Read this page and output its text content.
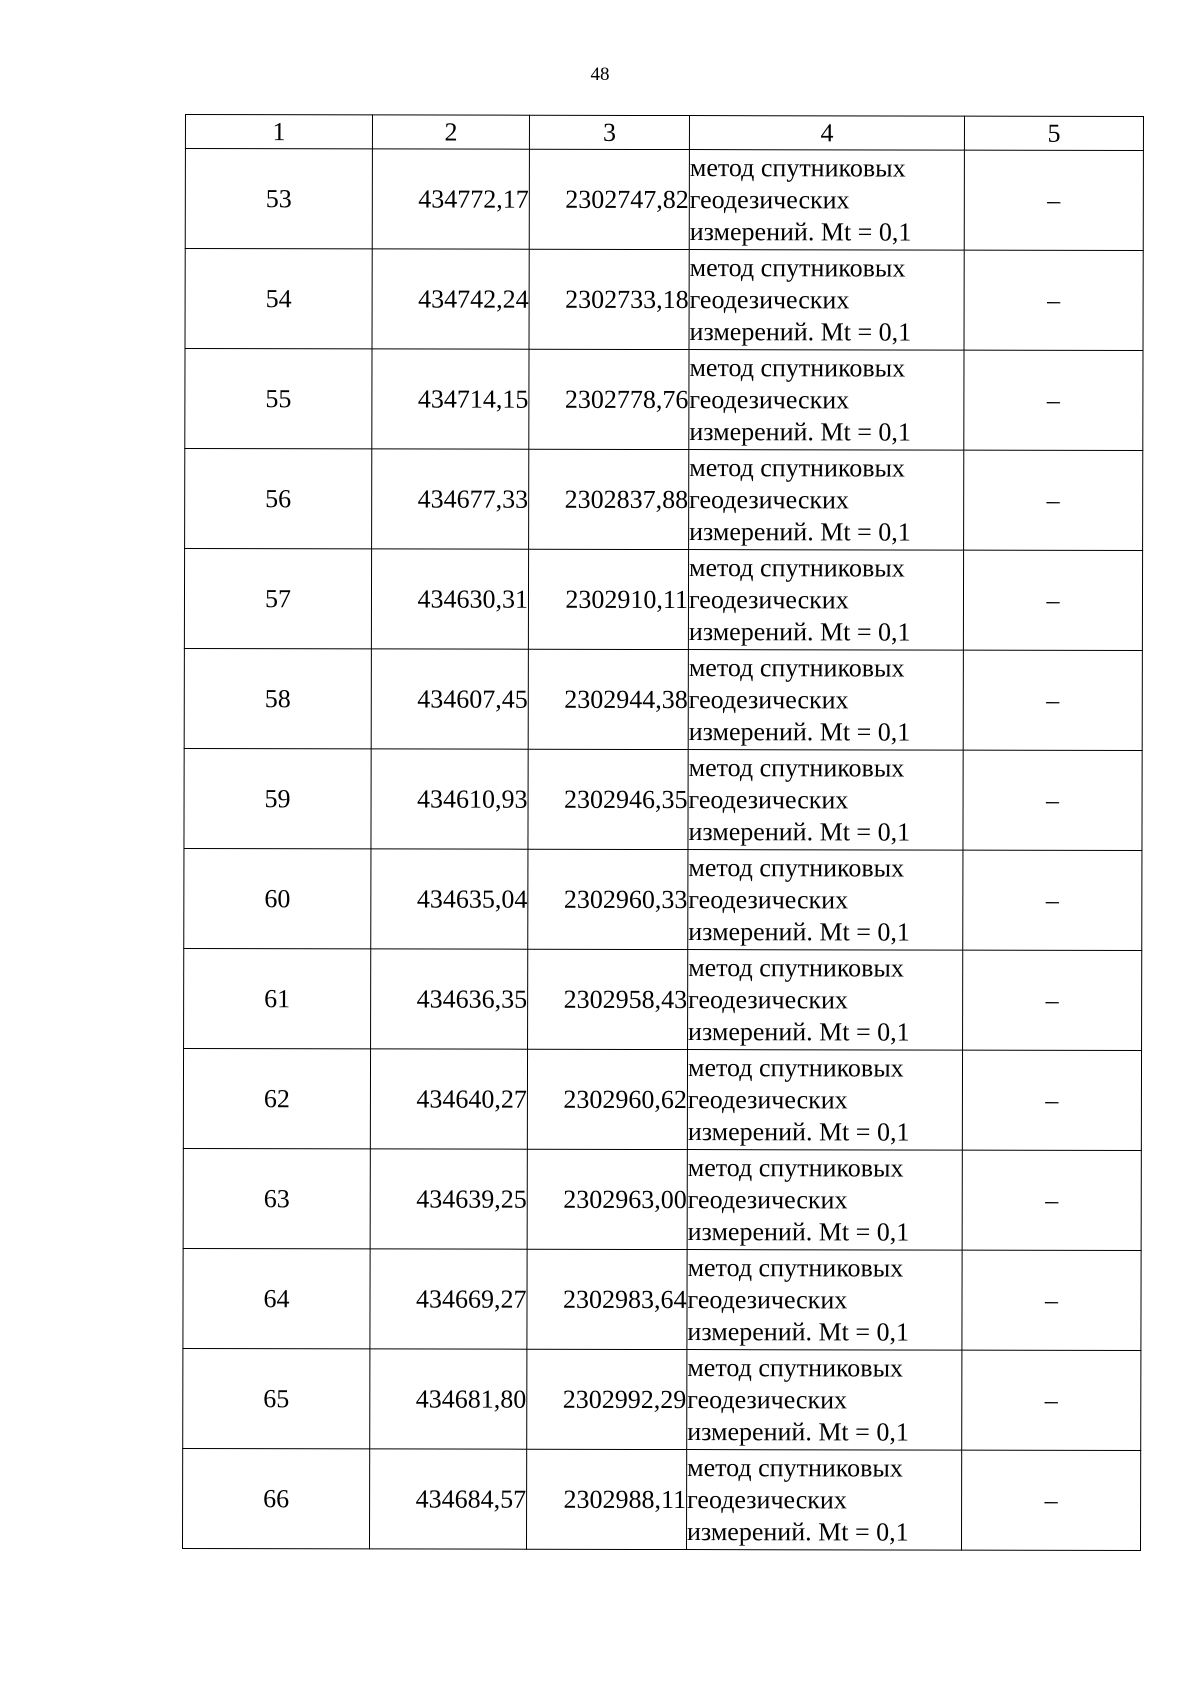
48
1	2	3	4	5
53	434772,17	2302747,82	метод спутниковых
геодезических
измерений. Mt = 0,1	–
54	434742,24	2302733,18	метод спутниковых
геодезических
измерений. Mt = 0,1	–
55	434714,15	2302778,76	метод спутниковых
геодезических
измерений. Mt = 0,1	–
56	434677,33	2302837,88	метод спутниковых
геодезических
измерений. Mt = 0,1	–
57	434630,31	2302910,11	метод спутниковых
геодезических
измерений. Mt = 0,1	–
58	434607,45	2302944,38	метод спутниковых
геодезических
измерений. Mt = 0,1	–
59	434610,93	2302946,35	метод спутниковых
геодезических
измерений. Mt = 0,1	–
60	434635,04	2302960,33	метод спутниковых
геодезических
измерений. Mt = 0,1	–
61	434636,35	2302958,43	метод спутниковых
геодезических
измерений. Mt = 0,1	–
62	434640,27	2302960,62	метод спутниковых
геодезических
измерений. Mt = 0,1	–
63	434639,25	2302963,00	метод спутниковых
геодезических
измерений. Mt = 0,1	–
64	434669,27	2302983,64	метод спутниковых
геодезических
измерений. Mt = 0,1	–
65	434681,80	2302992,29	метод спутниковых
геодезических
измерений. Mt = 0,1	–
66	434684,57	2302988,11	метод спутниковых
геодезических
измерений. Mt = 0,1	–
